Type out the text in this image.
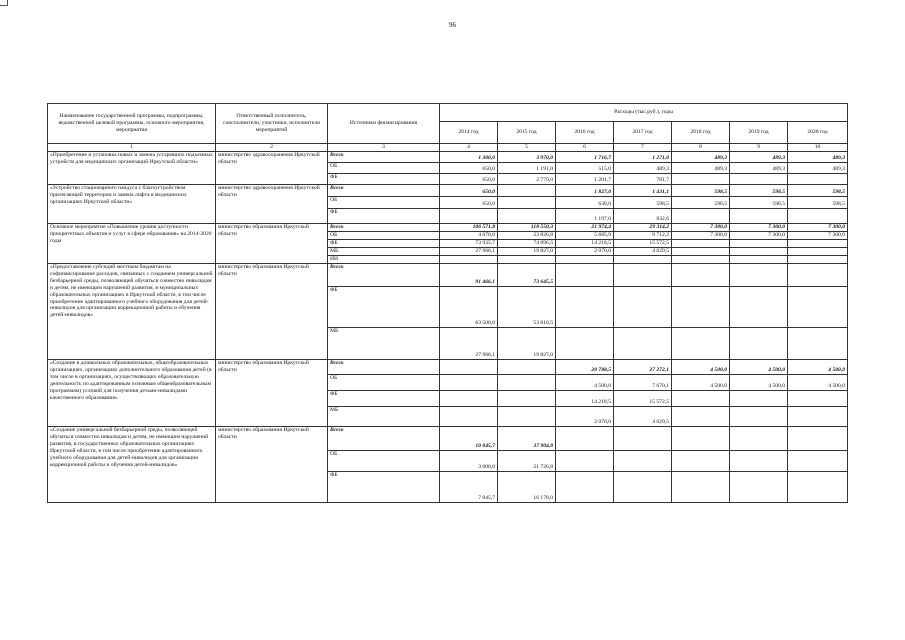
96
Наименование государственной программы, подпрограммы, ведомственной целевой программы, основного мероприятия, мероприятия	Ответственный исполнитель, соисполнители, участники, исполнители мероприятий	Источники финансирования	Расходы (тыс.руб.), годы						
			2014 год	2015 год	2016 год	2017 год	2018 год	2019 год	2020 год
1	2	3	4	5	6	7	8	9	10
«Приобретение и установка новых и замена устаревших подъемных устройств для медицинских организаций Иркутской области»	министерство здравоохранения Иркутской области	Всего	1 300,0	3 970,0	1 716,7	1 271,0	489,3	489,3	489,3
		ОБ	650,0	1 191,0	515,0	489,3	489,3	489,3	489,3
		ФБ	650,0	2 779,0	1 201,7	781,7			
«Устройство стационарного пандуса с благоустройством прилегающей территории и замена лифта в медицинских организациях Иркутской области»	министерство здравоохранения Иркутской области	Всего	650,0		1 827,0	1 431,1	598,5	598,5	598,5
		ОБ	650,0		630,0	598,5	598,5	598,5	598,5
		ФБ			1 197,0	832,6			
Основное мероприятие «Повышение уровня доступности приоритетных объектов и услуг в сфере образования» на 2014-2020 годы	министерство образования Иркутской области	Всего	106 571,8	118 550,3	21 974,4	29 314,2	7 300,0	7 300,0	7 300,0
		ОБ	4 670,0	23 826,8	5 685,9	9 712,2	7 300,0	7 300,0	7 300,0
		ФБ	73 935,7	74 896,5	14 218,5	15 572,5			
		МБ	27 966,1	19 827,0	2 070,0	4 029,5			
		ИИ							
«Предоставление субсидий местным бюджетам на софинансирование расходов, связанных с созданием универсальной безбарьерной среды, позволяющей обучаться совместно инвалидам и детям, не имеющим нарушений развития, в муниципальных образовательных организациях в Иркутской области, в том числе приобретение адаптированного учебного оборудования для детей-инвалидов для организации коррекционной работы и обучения детей-инвалидов»	министерство образования Иркутской области	Всего	91 466,1	73 645,5					
		ФБ	63 500,0	53 818,5					
		МБ	27 966,1	19 827,0					
«Создание в дошкольных образовательных, общеобразовательных организациях, организациях дополнительного образования детей (в том числе в организациях, осуществляющих образовательную деятельность по адаптированным основным общеобразовательным программам) условий для получения детьми-инвалидами качественного образования»	министерство образования Иркутской области	Всего			20 788,5	27 272,1	4 500,0	4 500,0	4 500,0
		ОБ			4 500,0	7 670,1	4 500,0	4 500,0	4 500,0
		ФБ			14 218,5	15 572,5			
		МБ			2 070,0	4 029,5			
«Создание универсальной безбарьерной среды, позволяющей обучаться совместно инвалидам и детям, не имеющим нарушений развития, в государственных образовательных организациях Иркутской области, в том числе приобретение адаптированного учебного оборудования для детей-инвалидов для организации коррекционной работы и обучения детей-инвалидов»	министерство образования Иркутской области	Всего	10 045,7	37 904,8					
		ОБ	3 000,0	21 726,8					
		ФБ	7 045,7	16 178,0					
